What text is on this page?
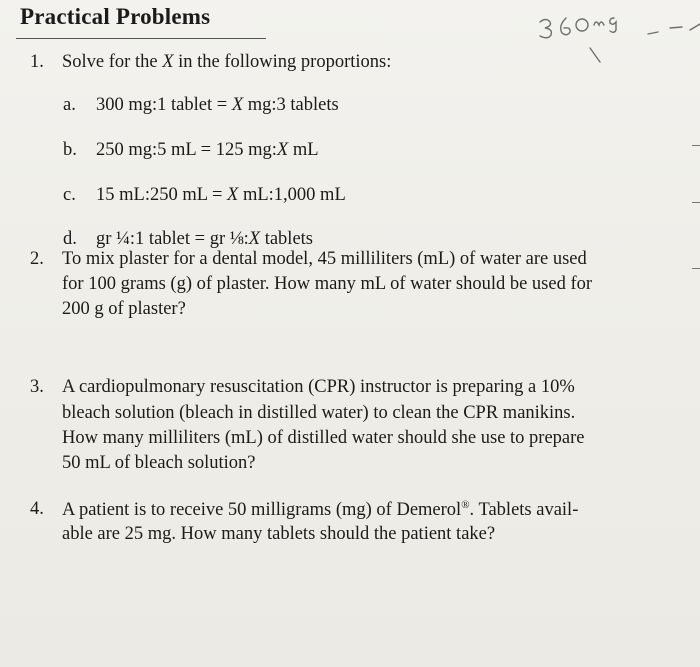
Practical Problems
1. Solve for the X in the following proportions:
a. 300 mg:1 tablet = X mg:3 tablets
b. 250 mg:5 mL = 125 mg:X mL
c. 15 mL:250 mL = X mL:1,000 mL
d. gr ¼:1 tablet = gr ⅛:X tablets
2. To mix plaster for a dental model, 45 milliliters (mL) of water are used
for 100 grams (g) of plaster. How many mL of water should be used for
200 g of plaster?
3. A cardiopulmonary resuscitation (CPR) instructor is preparing a 10%
bleach solution (bleach in distilled water) to clean the CPR manikins.
How many milliliters (mL) of distilled water should she use to prepare
50 mL of bleach solution?
4. A patient is to receive 50 milligrams (mg) of Demerol®. Tablets avail-
able are 25 mg. How many tablets should the patient take?
